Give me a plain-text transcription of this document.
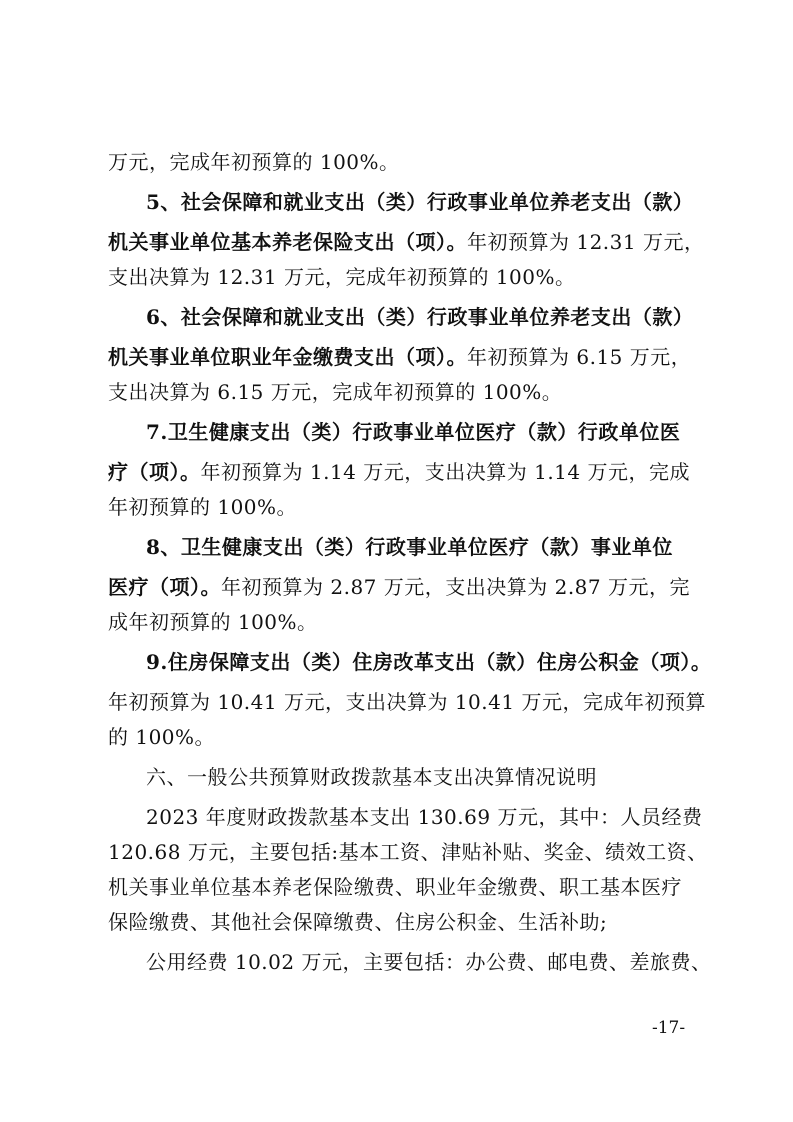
万元，完成年初预算的 100%。
5、社会保障和就业支出（类）行政事业单位养老支出（款）
机关事业单位基本养老保险支出（项）。年初预算为 12.31 万元，
支出决算为 12.31 万元，完成年初预算的 100%。
6、社会保障和就业支出（类）行政事业单位养老支出（款）
机关事业单位职业年金缴费支出（项）。年初预算为 6.15 万元，
支出决算为 6.15 万元，完成年初预算的 100%。
7.卫生健康支出（类）行政事业单位医疗（款）行政单位医
疗（项）。年初预算为 1.14 万元，支出决算为 1.14 万元，完成
年初预算的 100%。
8、卫生健康支出（类）行政事业单位医疗（款）事业单位
医疗（项）。年初预算为 2.87 万元，支出决算为 2.87 万元，完
成年初预算的 100%。
9.住房保障支出（类）住房改革支出（款）住房公积金（项）。
年初预算为 10.41 万元，支出决算为 10.41 万元，完成年初预算
的 100%。
六、一般公共预算财政拨款基本支出决算情况说明
2023 年度财政拨款基本支出 130.69 万元，其中：人员经费
120.68 万元，主要包括:基本工资、津贴补贴、奖金、绩效工资、
机关事业单位基本养老保险缴费、职业年金缴费、职工基本医疗
保险缴费、其他社会保障缴费、住房公积金、生活补助;
公用经费 10.02 万元，主要包括：办公费、邮电费、差旅费、
-17-
